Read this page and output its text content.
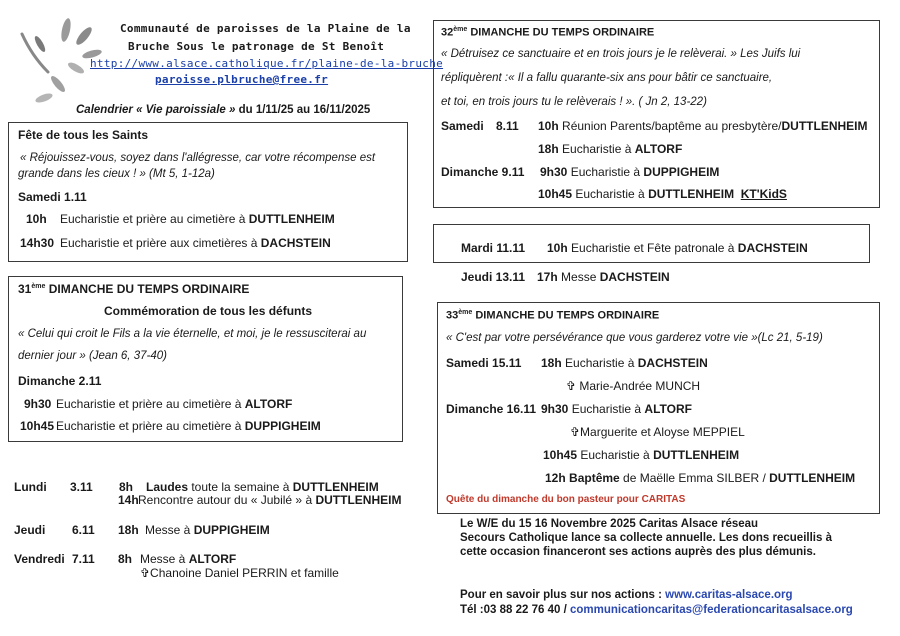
Communauté de paroisses de la Plaine de la
Bruche Sous le patronage de St Benoît
http://www.alsace.catholique.fr/plaine-de-la-bruche
paroisse.plbruche@free.fr
Calendrier « Vie paroissiale » du 1/11/25 au 16/11/2025
Fête de tous les Saints
« Réjouissez-vous, soyez dans l'allégresse, car votre récompense est
grande dans les cieux ! » (Mt 5, 1-12a)
Samedi 1.11
10h Eucharistie et prière au cimetière à DUTTLENHEIM
14h30 Eucharistie et prière aux cimetières à DACHSTEIN
31ème DIMANCHE DU TEMPS ORDINAIRE
Commémoration de tous les défunts
« Celui qui croit le Fils a la vie éternelle, et moi, je le ressusciterai au
dernier jour » (Jean 6, 37-40)
Dimanche 2.11
9h30 Eucharistie et prière au cimetière à ALTORF
10h45 Eucharistie et prière au cimetière à DUPPIGHEIM
Lundi 3.11 8h Laudes toute la semaine à DUTTLENHEIM
14h Rencontre autour du « Jubilé » à DUTTLENHEIM
Jeudi 6.11 18h Messe à DUPPIGHEIM
Vendredi 7.11 8h Messe à ALTORF
✞Chanoine Daniel PERRIN et famille
32ème DIMANCHE DU TEMPS ORDINAIRE
« Détruisez ce sanctuaire et en trois jours je le relèverai. » Les Juifs lui
répliquèrent :« Il a fallu quarante-six ans pour bâtir ce sanctuaire,
et toi, en trois jours tu le relèverais ! ». ( Jn 2, 13-22)
Samedi 8.11 10h Réunion Parents/baptême au presbytère/DUTTLENHEIM
18h Eucharistie à ALTORF
Dimanche 9.11 9h30 Eucharistie à DUPPIGHEIM
10h45 Eucharistie à DUTTLENHEIM KT'KidS
Mardi 11.11 10h Eucharistie et Fête patronale à DACHSTEIN
Jeudi 13.11 17h Messe DACHSTEIN
33ème DIMANCHE DU TEMPS ORDINAIRE
« C'est par votre persévérance que vous garderez votre vie »(Lc 21, 5-19)
Samedi 15.11 18h Eucharistie à DACHSTEIN
✞ Marie-Andrée MUNCH
Dimanche 16.11 9h30 Eucharistie à ALTORF
✞Marguerite et Aloyse MEPPIEL
10h45 Eucharistie à DUTTLENHEIM
12h Baptême de Maëlle Emma SILBER / DUTTLENHEIM
Quête du dimanche du bon pasteur pour CARITAS
Le W/E du 15 16 Novembre 2025 Caritas Alsace réseau
Secours Catholique lance sa collecte annuelle. Les dons recueillis à
cette occasion financeront ses actions auprès des plus démunis.
Pour en savoir plus sur nos actions : www.caritas-alsace.org
Tél :03 88 22 76 40 / communicationcaritas@federationcaritasalsace.org
